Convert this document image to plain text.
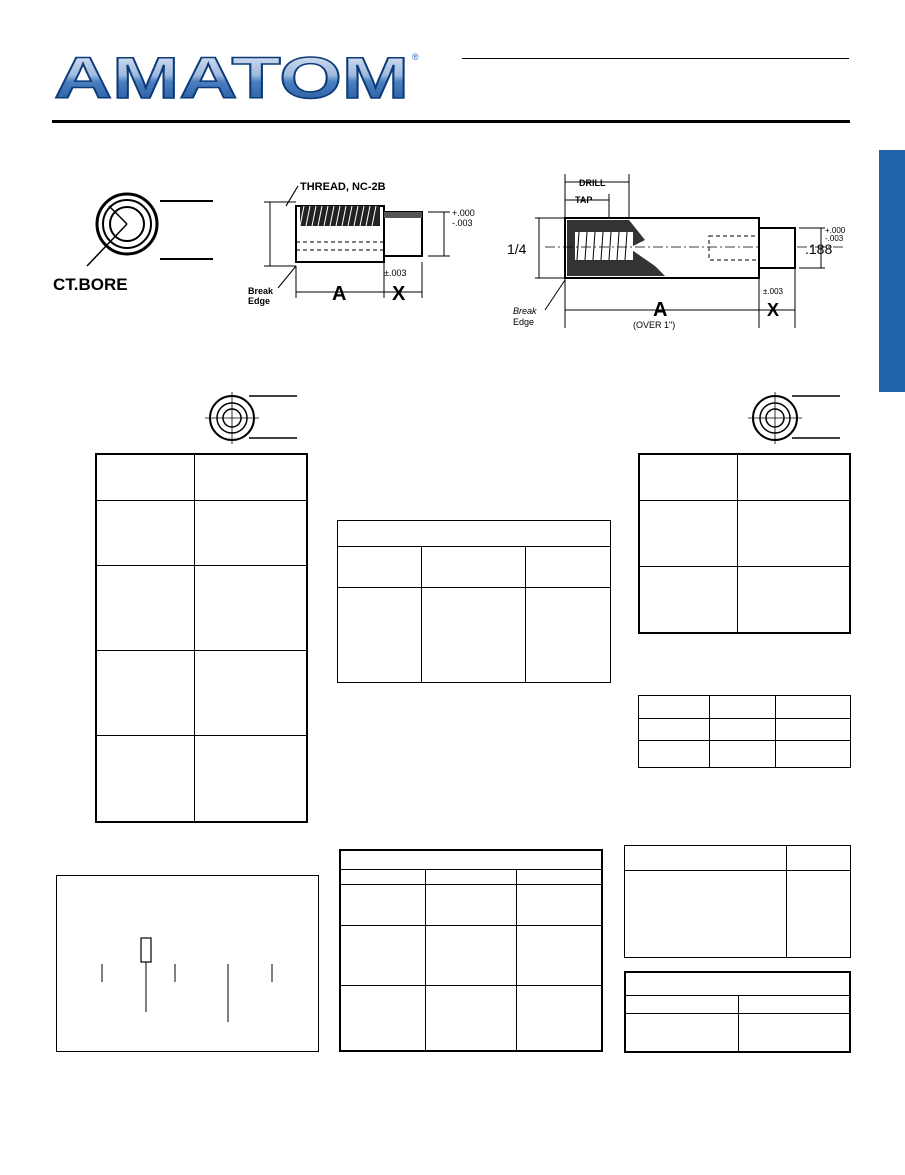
AMATOM ®
CT.BORE
THREAD, NC-2B
+.000
-.003
±.003
A X
Break
Edge
DRILL
TAP
1/4
+.000
-.003
.188
±.003
A
(OVER 1")
X
Break
Edge
